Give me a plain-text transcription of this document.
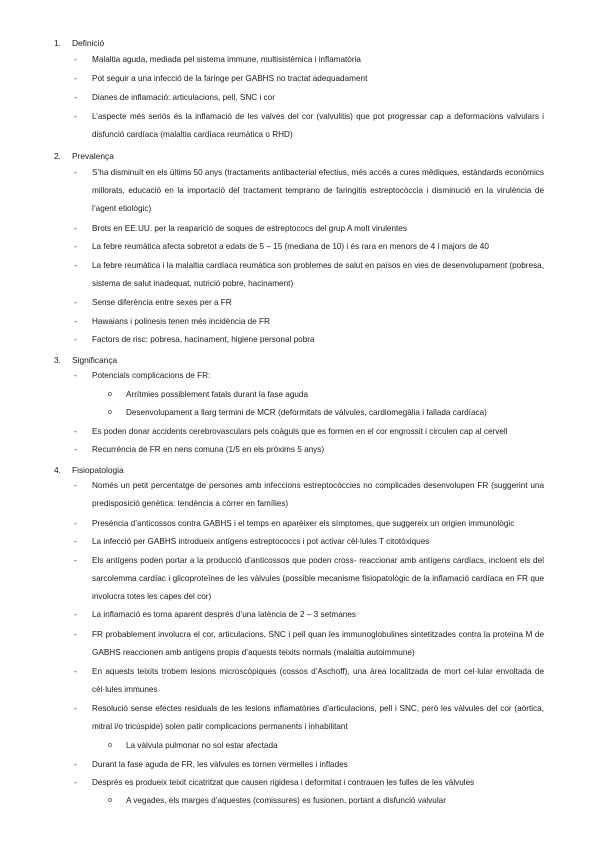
1. Definició
- Malaltia aguda, mediada pel sistema immune, multisistèmica i inflamatòria
- Pot seguir a una infecció de la faringe per GABHS no tractat adequadament
- Dianes de inflamació: articulacions, pell, SNC i cor
- L’aspecte més seriós és la inflamació de les valves del cor (valvulitis) que pot progressar cap a deformacions valvulars i disfunció cardíaca (malaltia cardíaca reumàtica o RHD)
2. Prevalença
- S’ha disminuït en els últims 50 anys (tractaments antibacterial efectius, més accés a cures mèdiques, estàndards econòmics millorats, educació en la importació del tractament temprano de faringitis estreptocòccia i disminució en la virulència de l’agent etiològic)
- Brots en EE.UU. per la reaparició de soques de estreptococs del grup A molt virulentes
- La febre reumàtica afecta sobretot a edats de 5 – 15 (mediana de 10) i és rara en menors de 4 i majors de 40
- La febre reumàtica i la malaltia cardíaca reumàtica son problemes de salut en països en vies de desenvolupament (pobresa, sistema de salut inadequat, nutrició pobre, hacinament)
- Sense diferència entre sexes per a FR
- Hawaians i polinesis tenen més incidència de FR
- Factors de risc: pobresa, hacinament, higiene personal pobra
3. Significança
- Potencials complicacions de FR:
o Arrítmies possiblement fatals durant la fase aguda
o Desenvolupament a llarg termini de MCR (deformitats de vàlvules, cardiomegàlia i fallada cardíaca)
- Es poden donar accidents cerebrovasculars pels coàguls que es formen en el cor engrossit i circulen cap al cervell
- Recurrència de FR en nens comuna (1/5 en els pròxims 5 anys)
4. Fisiopatologia
- Només un petit percentatge de persones amb infeccions estreptocòccies no complicades desenvolupen FR (suggerint una predisposició genètica: tendència a córrer en famílies)
- Presència d’anticossos contra GABHS i el temps en aparèixer els símptomes, que suggereix un origien immunològic
- La infecció per GABHS introdueix antígens estreptococcs i pot activar cèl·lules T citotòxiques
- Els antígens poden portar a la producció d’anticossos que poden cross- reaccionar amb antígens cardíacs, incloent els del sarcolemma cardíac i glicoproteïnes de les vàlvules (possible mecanisme fisiopatològic de la inflamació cardíaca en FR que involucra totes les capes del cor)
- La inflamació es torna aparent després d’una latència de 2 – 3 setmanes
- FR probablement involucra el cor, articulacions, SNC i pell quan les immunoglobulines sintetitzades contra la proteïna M de GABHS reaccionen amb antígens propis d’aquests teixits normals (malaltia autoimmune)
- En aquests teixits trobem lesions microscòpiques (cossos d’Aschoff), una àrea localitzada de mort cel·lular envoltada de cèl·lules immunes
- Resolució sense efectes residuals de les lesions inflamatòries d’articulacions, pell i SNC, però les vàlvules del cor (aòrtica, mitral i/o tricúspide) solen patir complicacions permanents i inhabilitant
o La vàlvula pulmonar no sol estar afectada
- Durant la fase aguda de FR, les vàlvules es tornen vermelles i inflades
- Després es produeix teixit cicatritzat que causen rigidesa i deformitat i contrauen les fulles de les vàlvules
o A vegades, els marges d’aquestes (comissures) es fusionen, portant a disfunció valvular
